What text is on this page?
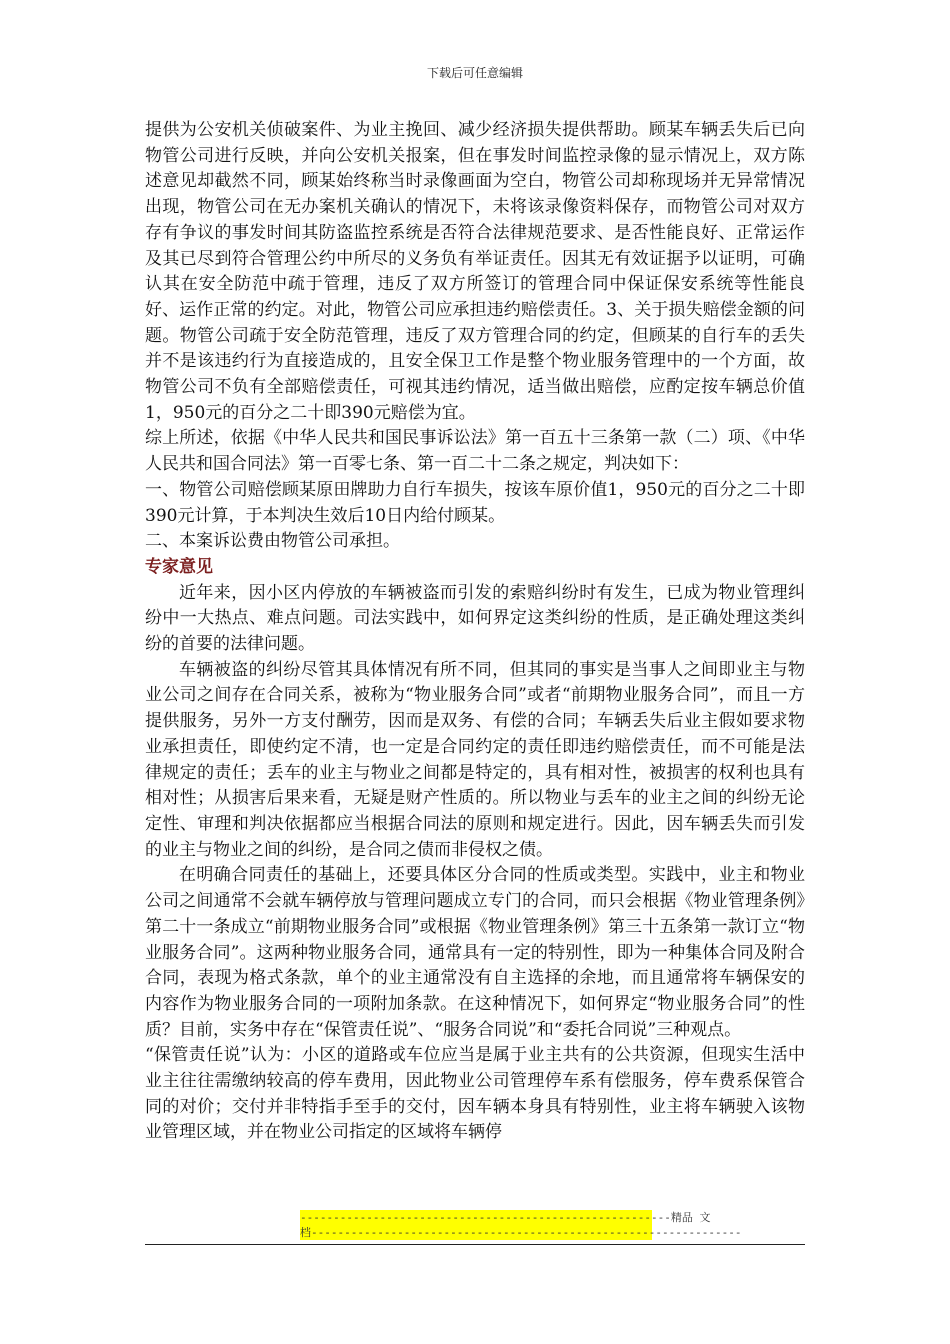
下载后可任意编辑

提供为公安机关侦破案件、为业主挽回、减少经济损失提供帮助。顾某车辆丢失后已向物管公司进行反映，并向公安机关报案，但在事发时间监控录像的显示情况上，双方陈述意见却截然不同，顾某始终称当时录像画面为空白，物管公司却称现场并无异常情况出现，物管公司在无办案机关确认的情况下，未将该录像资料保存，而物管公司对双方存有争议的事发时间其防盗监控系统是否符合法律规范要求、是否性能良好、正常运作及其已尽到符合管理公约中所尽的义务负有举证责任。因其无有效证据予以证明，可确认其在安全防范中疏于管理，违反了双方所签订的管理合同中保证保安系统等性能良好、运作正常的约定。对此，物管公司应承担违约赔偿责任。3、关于损失赔偿金额的问题。物管公司疏于安全防范管理，违反了双方管理合同的约定，但顾某的自行车的丢失并不是该违约行为直接造成的，且安全保卫工作是整个物业服务管理中的一个方面，故物管公司不负有全部赔偿责任，可视其违约情况，适当做出赔偿，应酌定按车辆总价值1，950元的百分之二十即390元赔偿为宜。

综上所述，依据《中华人民共和国民事诉讼法》第一百五十三条第一款（二）项、《中华人民共和国合同法》第一百零七条、第一百二十二条之规定，判决如下：

一、物管公司赔偿顾某原田牌助力自行车损失，按该车原价值1，950元的百分之二十即390元计算，于本判决生效后10日内给付顾某。

二、本案诉讼费由物管公司承担。

专家意见

近年来，因小区内停放的车辆被盗而引发的索赔纠纷时有发生，已成为物业管理纠纷中一大热点、难点问题。司法实践中，如何界定这类纠纷的性质，是正确处理这类纠纷的首要的法律问题。

车辆被盗的纠纷尽管其具体情况有所不同，但其同的事实是当事人之间即业主与物业公司之间存在合同关系，被称为“物业服务合同”或者“前期物业服务合同”，而且一方提供服务，另外一方支付酬劳，因而是双务、有偿的合同；车辆丢失后业主假如要求物业承担责任，即使约定不清，也一定是合同约定的责任即违约赔偿责任，而不可能是法律规定的责任；丢车的业主与物业之间都是特定的，具有相对性，被损害的权利也具有相对性；从损害后果来看，无疑是财产性质的。所以物业与丢车的业主之间的纠纷无论定性、审理和判决依据都应当根据合同法的原则和规定进行。因此，因车辆丢失而引发的业主与物业之间的纠纷，是合同之债而非侵权之债。

在明确合同责任的基础上，还要具体区分合同的性质或类型。实践中，业主和物业公司之间通常不会就车辆停放与管理问题成立专门的合同，而只会根据《物业管理条例》第二十一条成立“前期物业服务合同”或根据《物业管理条例》第三十五条第一款订立“物业服务合同”。这两种物业服务合同，通常具有一定的特别性，即为一种集体合同及附合合同，表现为格式条款，单个的业主通常没有自主选择的余地，而且通常将车辆保安的内容作为物业服务合同的一项附加条款。在这种情况下，如何界定“物业服务合同”的性质？目前，实务中存在“保管责任说”、“服务合同说”和“委托合同说”三种观点。

“保管责任说”认为：小区的道路或车位应当是属于业主共有的公共资源，但现实生活中业主往往需缴纳较高的停车费用，因此物业公司管理停车系有偿服务，停车费系保管合同的对价；交付并非特指手至手的交付，因车辆本身具有特别性，业主将车辆驶入该物业管理区域，并在物业公司指定的区域将车辆停

--------------------------------------------------------精品 文
档-----------------------------------------------------------------
